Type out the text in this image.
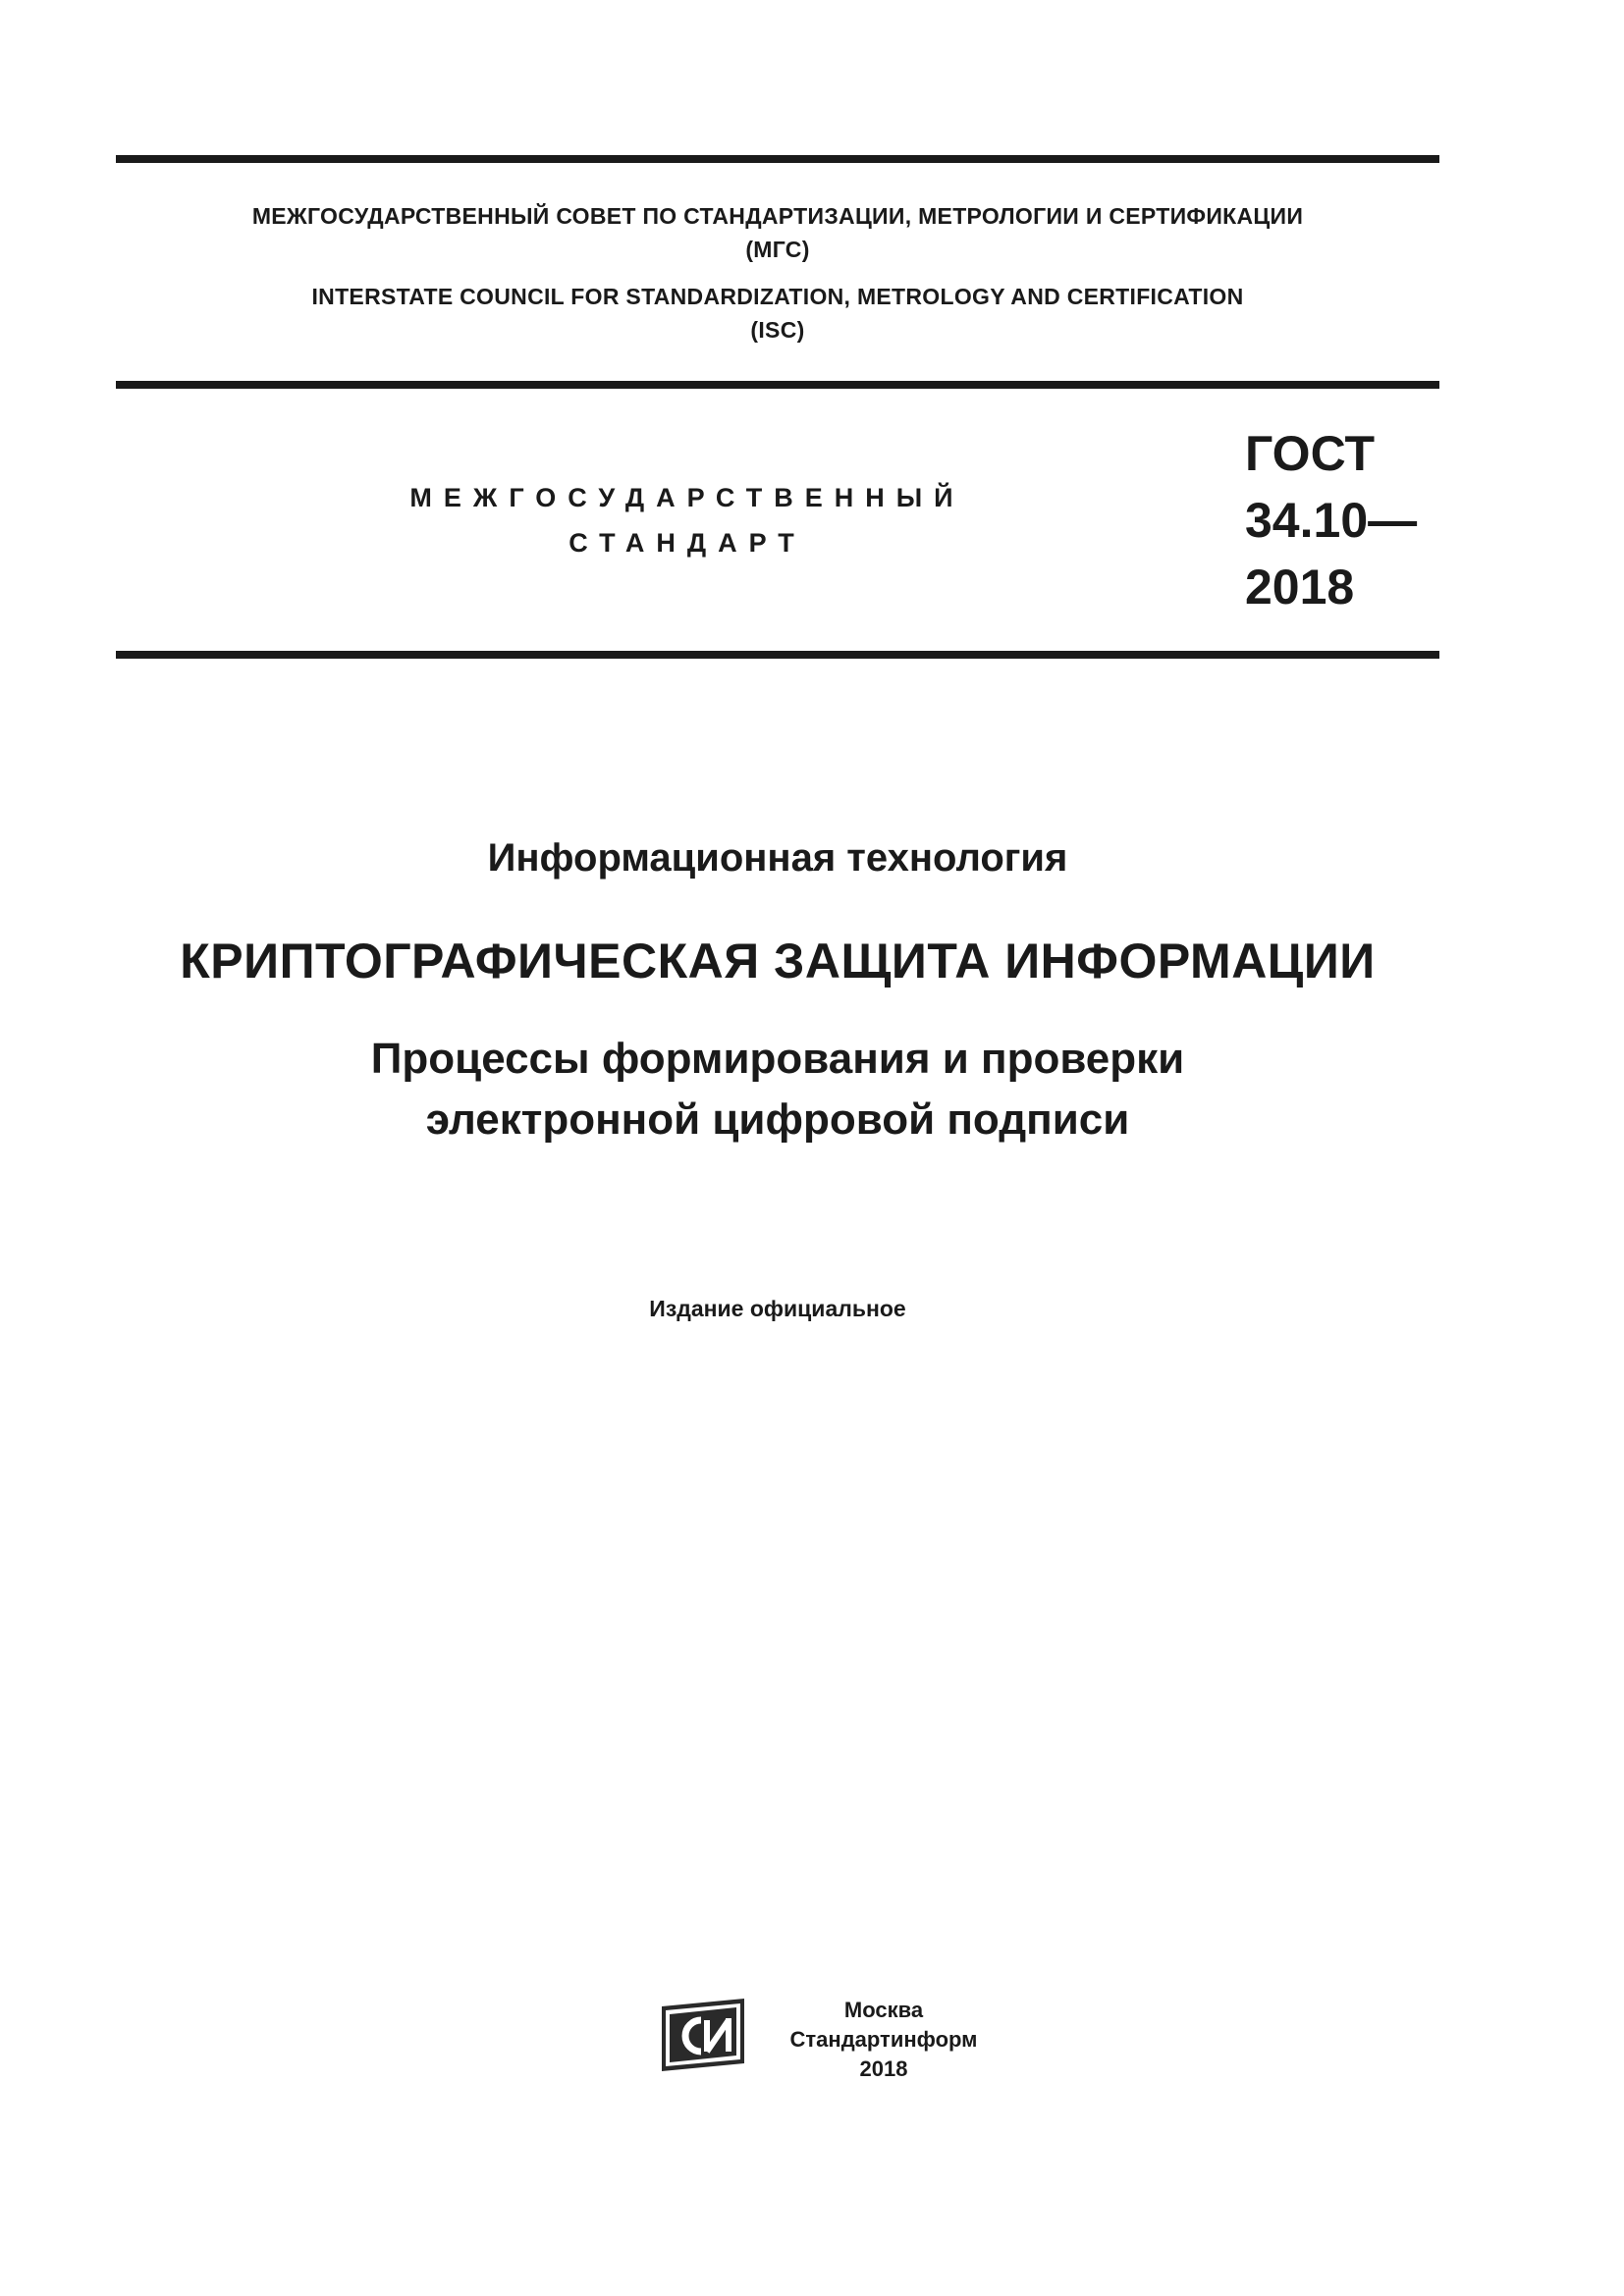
МЕЖГОСУДАРСТВЕННЫЙ СОВЕТ ПО СТАНДАРТИЗАЦИИ, МЕТРОЛОГИИ И СЕРТИФИКАЦИИ
(МГС)
INTERSTATE COUNCIL FOR STANDARDIZATION, METROLOGY AND CERTIFICATION
(ISC)
МЕЖГОСУДАРСТВЕННЫЙ
СТАНДАРТ
ГОСТ
34.10—
2018
Информационная технология
КРИПТОГРАФИЧЕСКАЯ ЗАЩИТА ИНФОРМАЦИИ
Процессы формирования и проверки
электронной цифровой подписи
Издание официальное
Москва
Стандартинформ
2018
